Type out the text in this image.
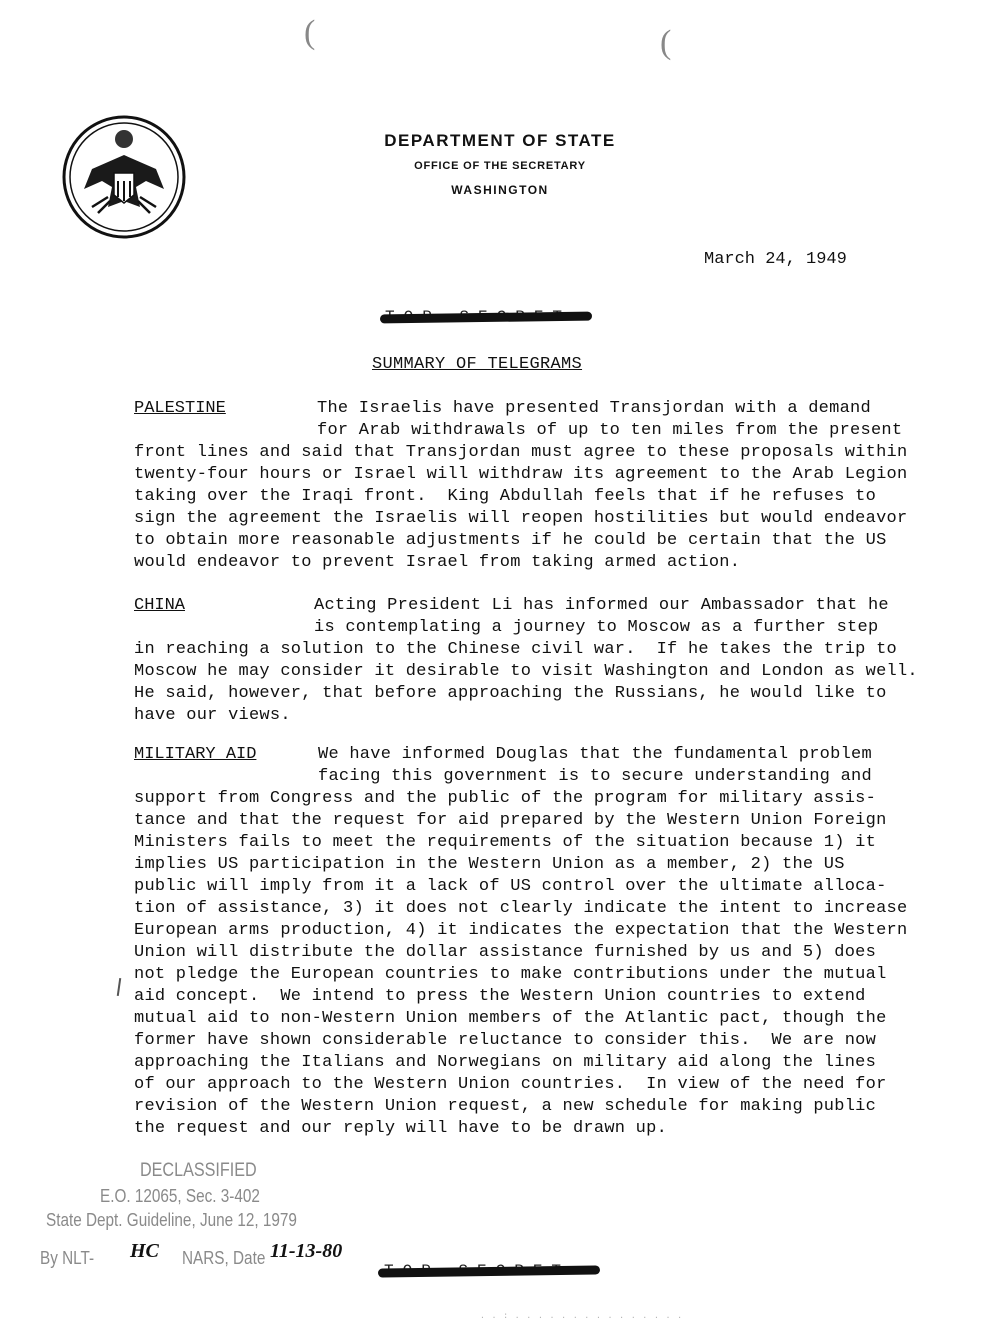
(	(
DEPARTMENT OF STATE
OFFICE OF THE SECRETARY
WASHINGTON
March 24, 1949
SUMMARY OF TELEGRAMS
PALESTINE	The Israelis have presented Transjordan with a demand
for Arab withdrawals of up to ten miles from the present
front lines and said that Transjordan must agree to these proposals within
twenty-four hours or Israel will withdraw its agreement to the Arab Legion
taking over the Iraqi front.  King Abdullah feels that if he refuses to
sign the agreement the Israelis will reopen hostilities but would endeavor
to obtain more reasonable adjustments if he could be certain that the US
would endeavor to prevent Israel from taking armed action.
CHINA	Acting President Li has informed our Ambassador that he
is contemplating a journey to Moscow as a further step
in reaching a solution to the Chinese civil war.  If he takes the trip to
Moscow he may consider it desirable to visit Washington and London as well.
He said, however, that before approaching the Russians, he would like to
have our views.
MILITARY AID	We have informed Douglas that the fundamental problem
facing this government is to secure understanding and
support from Congress and the public of the program for military assis-
tance and that the request for aid prepared by the Western Union Foreign
Ministers fails to meet the requirements of the situation because 1) it
implies US participation in the Western Union as a member, 2) the US
public will imply from it a lack of US control over the ultimate alloca-
tion of assistance, 3) it does not clearly indicate the intent to increase
European arms production, 4) it indicates the expectation that the Western
Union will distribute the dollar assistance furnished by us and 5) does
not pledge the European countries to make contributions under the mutual
aid concept.  We intend to press the Western Union countries to extend
mutual aid to non-Western Union members of the Atlantic pact, though the
former have shown considerable reluctance to consider this.  We are now
approaching the Italians and Norwegians on military aid along the lines
of our approach to the Western Union countries.  In view of the need for
revision of the Western Union request, a new schedule for making public
the request and our reply will have to be drawn up.
DECLASSIFIED
E.O. 12065, Sec. 3-402
State Dept. Guideline, June 12, 1979
By NLT- HC NARS, Date 11-13-80
. . : . . . . . . . . . . . . . . .
